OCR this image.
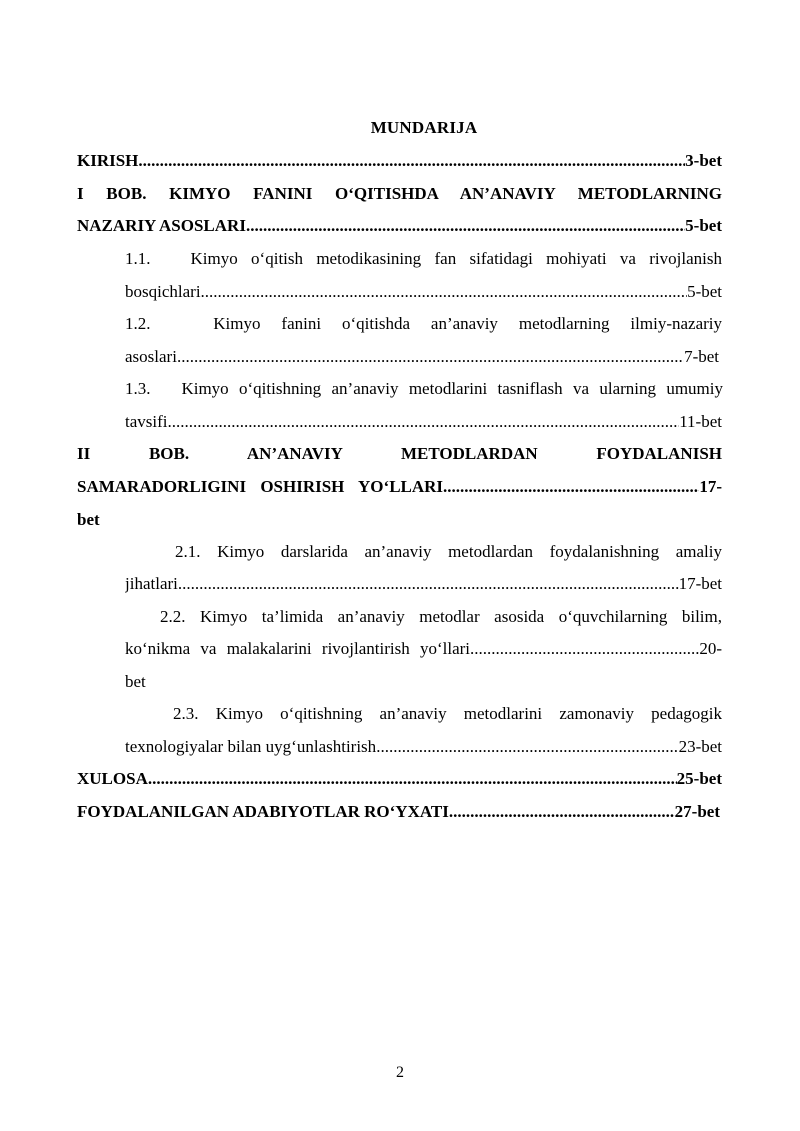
MUNDARIJA
KIRISH .....	3-bet
I BOB. KIMYO FANINI O‘QITISHDA AN’ANAVIY METODLARNING
NAZARIY ASOSLARI .....	5-bet
1.1.   Kimyo o‘qitish metodikasining fan sifatidagi mohiyati va rivojlanish
bosqichlari .....	5-bet
1.2.   Kimyo fanini o‘qitishda an’anaviy metodlarning ilmiy-nazariy
asoslari .....	7-bet
1.3.   Kimyo o‘qitishning an’anaviy metodlarini tasniflash va ularning umumiy
tavsifi .....	11-bet
II BOB. AN’ANAVIY METODLARDAN FOYDALANISH
SAMARADORLIGINI OSHIRISH YO‘LLARI .....	17-
bet
2.1. Kimyo darslarida an’anaviy metodlardan foydalanishning amaliy
jihatlari .....	17-bet
2.2. Kimyo ta’limida an’anaviy metodlar asosida o‘quvchilarning bilim,
ko‘nikma va malakalarini rivojlantirish yo‘llari .....	20-
bet
2.3. Kimyo o‘qitishning an’anaviy metodlarini zamonaviy pedagogik
texnologiyalar bilan uyg‘unlashtirish .....	23-bet
XULOSA .....	25-bet
FOYDALANILGAN ADABIYOTLAR RO‘YXATI .....	27-bet
2
